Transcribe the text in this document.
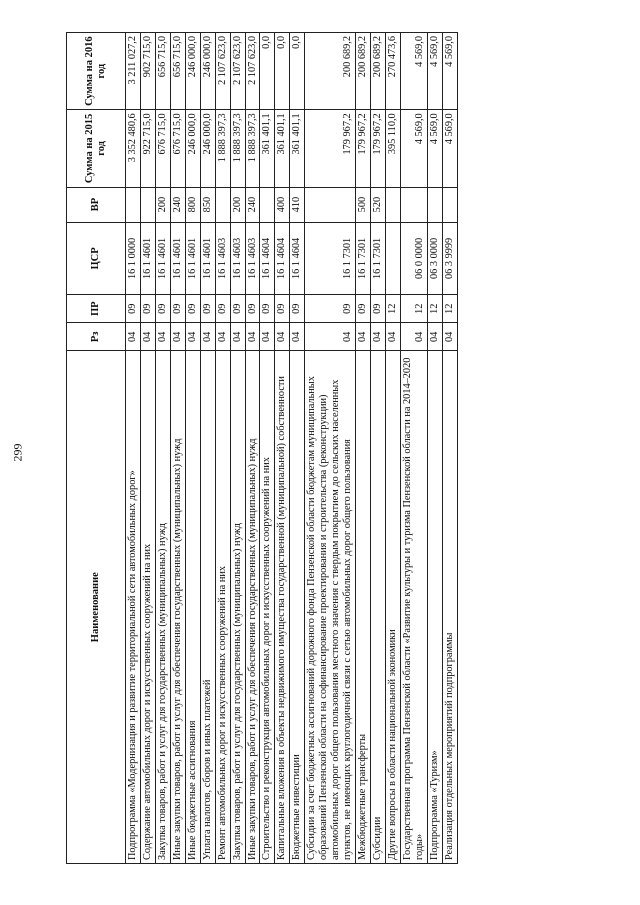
299
Наименование	Рз	ПР	ЦСР	ВР	Сумма на 2015 год	Сумма на 2016 год
Подпрограмма «Модернизация и развитие территориальной сети автомобильных дорог»	04	09	16 1 0000		3 352 480,6	3 211 027,2
Содержание автомобильных дорог и искусственных сооружений на них	04	09	16 1 4601		922 715,0	902 715,0
Закупка товаров, работ и услуг для государственных (муниципальных) нужд	04	09	16 1 4601	200	676 715,0	656 715,0
Иные закупки товаров, работ и услуг для обеспечения государственных (муниципальных) нужд	04	09	16 1 4601	240	676 715,0	656 715,0
Иные бюджетные ассигнования	04	09	16 1 4601	800	246 000,0	246 000,0
Уплата налогов, сборов и иных платежей	04	09	16 1 4601	850	246 000,0	246 000,0
Ремонт автомобильных дорог и искусственных сооружений на них	04	09	16 1 4603		1 888 397,3	2 107 623,0
Закупка товаров, работ и услуг для государственных (муниципальных) нужд	04	09	16 1 4603	200	1 888 397,3	2 107 623,0
Иные закупки товаров, работ и услуг для обеспечения государственных (муниципальных) нужд	04	09	16 1 4603	240	1 888 397,3	2 107 623,0
Строительство и реконструкция автомобильных дорог и искусственных сооружений на них	04	09	16 1 4604		361 401,1	0,0
Капитальные вложения в объекты недвижимого имущества государственной (муниципальной) собственности	04	09	16 1 4604	400	361 401,1	0,0
Бюджетные инвестиции	04	09	16 1 4604	410	361 401,1	0,0
Субсидии за счет бюджетных ассигнований дорожного фонда Пензенской области бюджетам муниципальных образований Пензенской области на софинансирование проектирования и строительства (реконструкции) автомобильных дорог общего пользования местного значения с твердым покрытием до сельских населенных пунктов, не имеющих круглогодичной связи с сетью автомобильных дорог общего пользования	04	09	16 1 7301		179 967,2	200 689,2
Межбюджетные трансферты	04	09	16 1 7301	500	179 967,2	200 689,2
Субсидии	04	09	16 1 7301	520	179 967,2	200 689,2
Другие вопросы в области национальной экономики	04	12			395 110,0	270 473,6
Государственная программа Пензенской области «Развитие культуры и туризма Пензенской области на 2014–2020 годы»	04	12	06 0 0000		4 569,0	4 569,0
Подпрограмма «Туризм»	04	12	06 3 0000		4 569,0	4 569,0
Реализация отдельных мероприятий подпрограммы	04	12	06 3 9999		4 569,0	4 569,0
